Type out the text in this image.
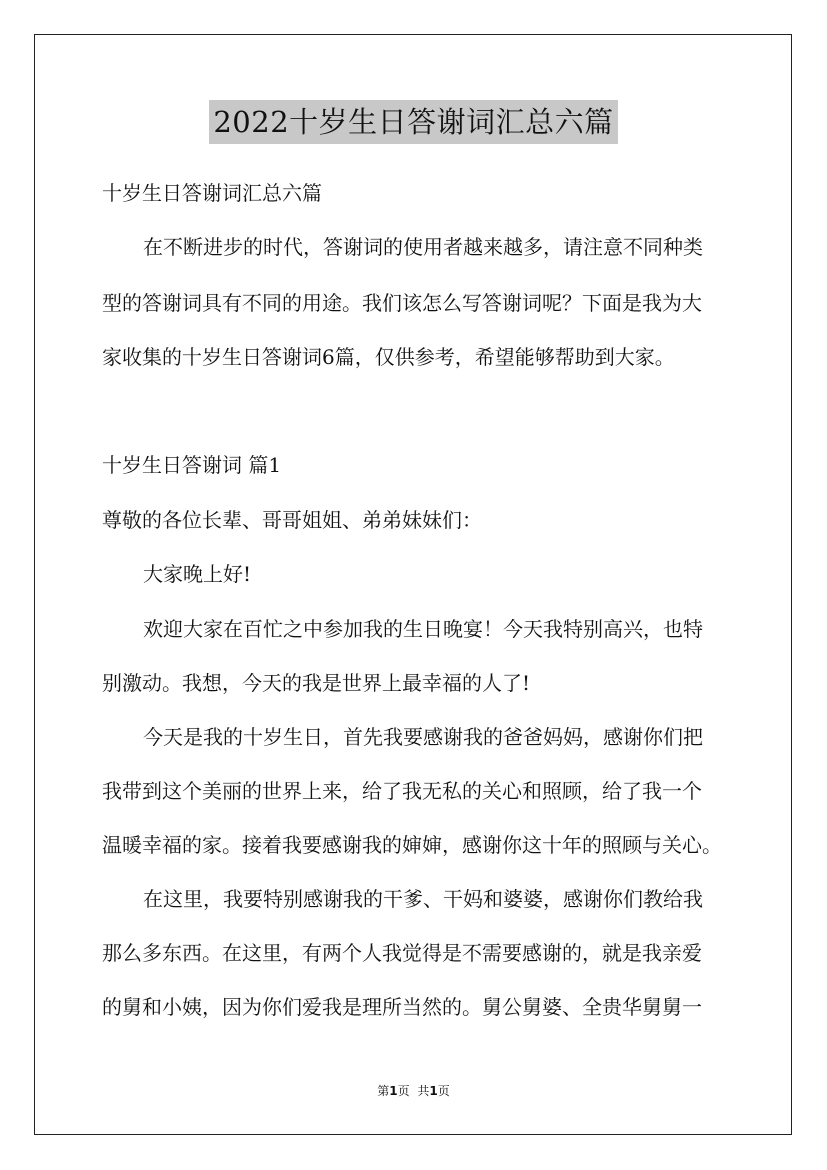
2022十岁生日答谢词汇总六篇
十岁生日答谢词汇总六篇
在不断进步的时代，答谢词的使用者越来越多，请注意不同种类
型的答谢词具有不同的用途。我们该怎么写答谢词呢？下面是我为大
家收集的十岁生日答谢词6篇，仅供参考，希望能够帮助到大家。
十岁生日答谢词 篇1
尊敬的各位长辈、哥哥姐姐、弟弟妹妹们：
大家晚上好!
欢迎大家在百忙之中参加我的生日晚宴！今天我特别高兴，也特
别激动。我想，今天的我是世界上最幸福的人了!
今天是我的十岁生日，首先我要感谢我的爸爸妈妈，感谢你们把
我带到这个美丽的世界上来，给了我无私的关心和照顾，给了我一个
温暖幸福的家。接着我要感谢我的婶婶，感谢你这十年的照顾与关心。
在这里，我要特别感谢我的干爹、干妈和婆婆，感谢你们教给我
那么多东西。在这里，有两个人我觉得是不需要感谢的，就是我亲爱
的舅和小姨，因为你们爱我是理所当然的。舅公舅婆、全贵华舅舅一
第1页 共1页
